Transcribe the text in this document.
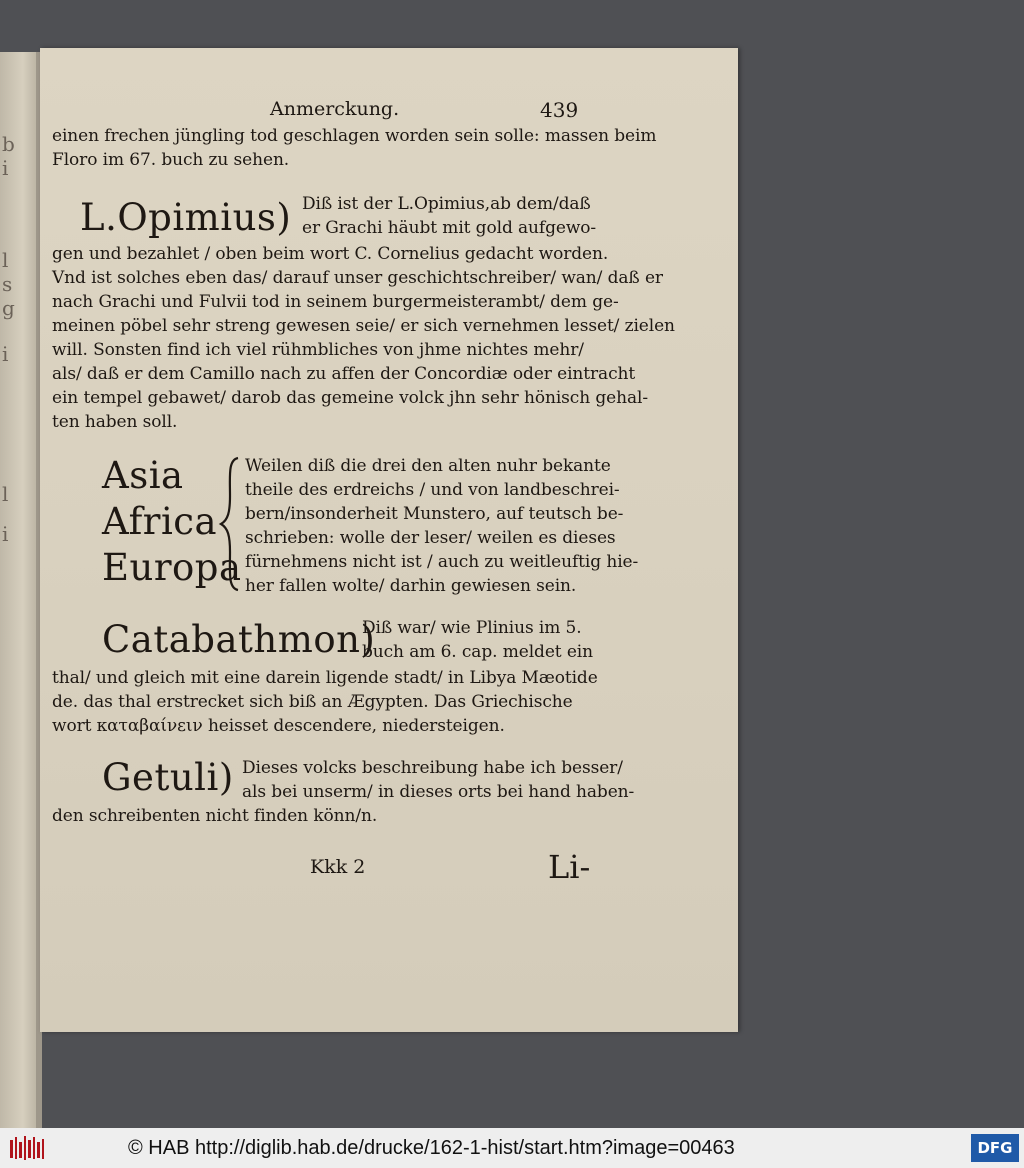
b
i
l
s
g
i
l
i
Anmerckung.	439
einen frechen jüngling tod geschlagen worden sein solle: massen beim
Floro im 67. buch zu sehen.
L.Opimius) Diß ist der L.Opimius,ab dem/daß
er Grachi häubt mit gold aufgewo-
gen und bezahlet / oben beim wort C. Cornelius gedacht worden.
Vnd ist solches eben das/ darauf unser geschichtschreiber/ wan/ daß er
nach Grachi und Fulvii tod in seinem burgermeisterambt/ dem ge-
meinen pöbel sehr streng gewesen seie/ er sich vernehmen lesset/ zielen
will. Sonsten find ich viel rühmbliches von jhme nichtes mehr/
als/ daß er dem Camillo nach zu affen der Concordiæ oder eintracht
ein tempel gebawet/ darob das gemeine volck jhn sehr hönisch gehal-
ten haben soll.
Asia
Africa
Europa
Weilen diß die drei den alten nuhr bekante
theile des erdreichs / und von landbeschrei-
bern/insonderheit Munstero, auf teutsch be-
schrieben: wolle der leser/ weilen es dieses
fürnehmens nicht ist / auch zu weitleuftig hie-
her fallen wolte/ darhin gewiesen sein.
Catabathmon)
Diß war/ wie Plinius im 5.
buch am 6. cap. meldet ein
thal/ und gleich mit eine darein ligende stadt/ in Libya Mæotide
de. das thal erstrecket sich biß an Ægypten. Das Griechische
wort καταβαίνειν heisset descendere, niedersteigen.
Getuli) Dieses volcks beschreibung habe ich besser/
als bei unserm/ in dieses orts bei hand haben-
den schreibenten nicht finden könn/n.
Kkk 2	Li-
© HAB http://diglib.hab.de/drucke/162-1-hist/start.htm?image=00463	DFG
